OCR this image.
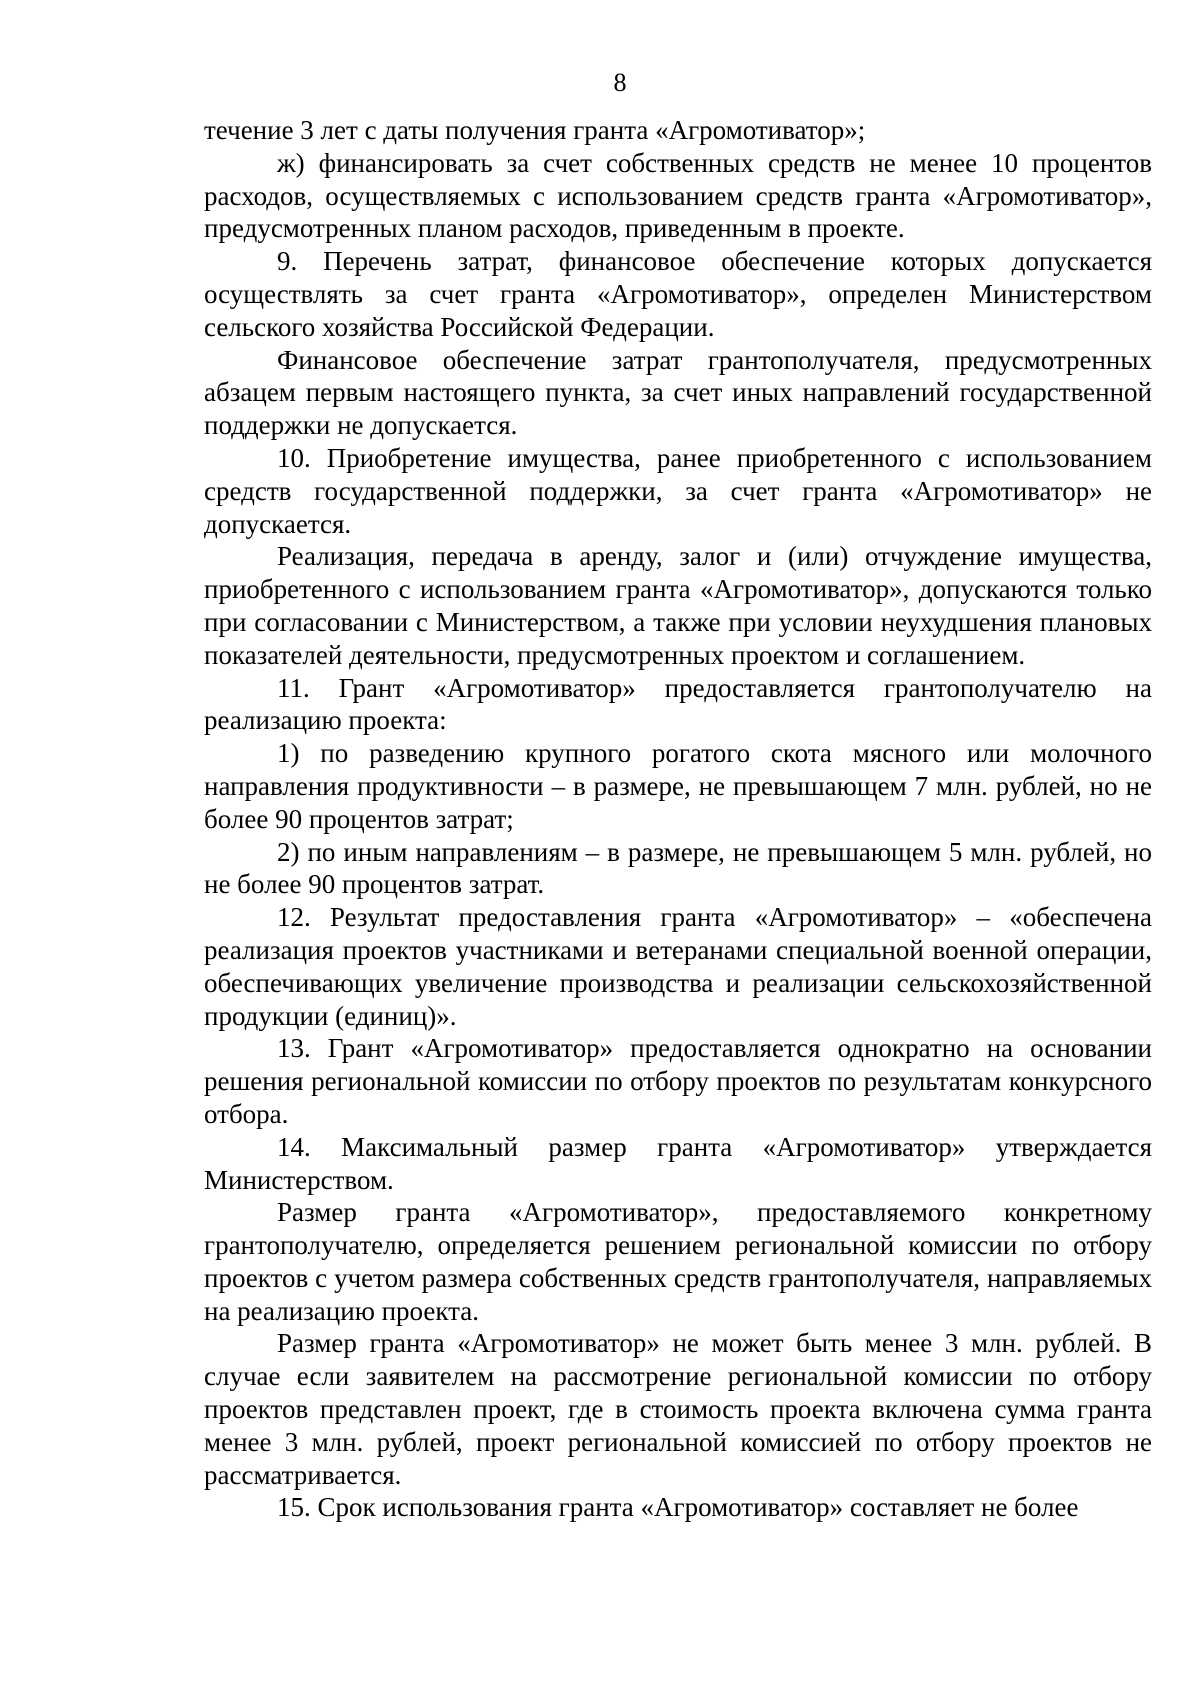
8

течение 3 лет с даты получения гранта «Агромотиватор»;

ж) финансировать за счет собственных средств не менее 10 процентов расходов, осуществляемых с использованием средств гранта «Агромотиватор», предусмотренных планом расходов, приведенным в проекте.

9. Перечень затрат, финансовое обеспечение которых допускается осуществлять за счет гранта «Агромотиватор», определен Министерством сельского хозяйства Российской Федерации.

Финансовое обеспечение затрат грантополучателя, предусмотренных абзацем первым настоящего пункта, за счет иных направлений государственной поддержки не допускается.

10. Приобретение имущества, ранее приобретенного с использованием средств государственной поддержки, за счет гранта «Агромотиватор» не допускается.

Реализация, передача в аренду, залог и (или) отчуждение имущества, приобретенного с использованием гранта «Агромотиватор», допускаются только при согласовании с Министерством, а также при условии неухудшения плановых показателей деятельности, предусмотренных проектом и соглашением.

11. Грант «Агромотиватор» предоставляется грантополучателю на реализацию проекта:

1) по разведению крупного рогатого скота мясного или молочного направления продуктивности – в размере, не превышающем 7 млн. рублей, но не более 90 процентов затрат;

2) по иным направлениям – в размере, не превышающем 5 млн. рублей, но не более 90 процентов затрат.

12. Результат предоставления гранта «Агромотиватор» – «обеспечена реализация проектов участниками и ветеранами специальной военной операции, обеспечивающих увеличение производства и реализации сельскохозяйственной продукции (единиц)».

13. Грант «Агромотиватор» предоставляется однократно на основании решения региональной комиссии по отбору проектов по результатам конкурсного отбора.

14. Максимальный размер гранта «Агромотиватор» утверждается Министерством.

Размер гранта «Агромотиватор», предоставляемого конкретному грантополучателю, определяется решением региональной комиссии по отбору проектов с учетом размера собственных средств грантополучателя, направляемых на реализацию проекта.

Размер гранта «Агромотиватор» не может быть менее 3 млн. рублей. В случае если заявителем на рассмотрение региональной комиссии по отбору проектов представлен проект, где в стоимость проекта включена сумма гранта менее 3 млн. рублей, проект региональной комиссией по отбору проектов не рассматривается.

15. Срок использования гранта «Агромотиватор» составляет не более
